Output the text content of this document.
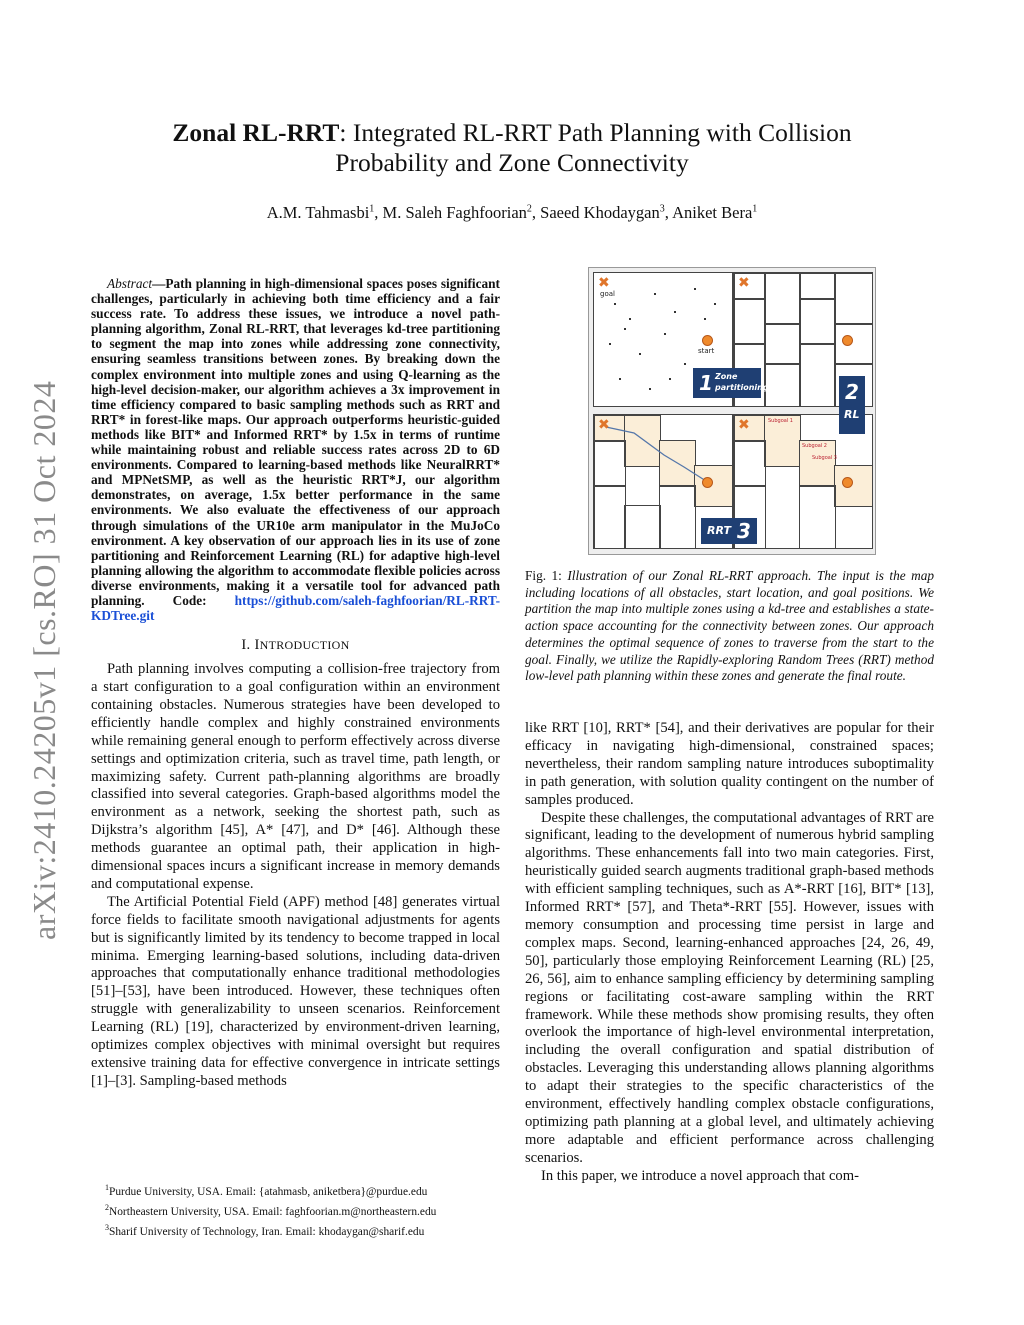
arXiv:2410.24205v1 [cs.RO] 31 Oct 2024
Zonal RL-RRT: Integrated RL-RRT Path Planning with Collision
Probability and Zone Connectivity
A.M. Tahmasbi$^1$, M. Saleh Faghfoorian$^2$, Saeed Khodaygan$^3$, Aniket Bera$^1$

Abstract—Path planning in high-dimensional spaces poses significant challenges, particularly in achieving both time efficiency and a fair success rate. To address these issues, we introduce a novel path-planning algorithm, Zonal RL-RRT, that leverages kd-tree partitioning to segment the map into zones while addressing zone connectivity, ensuring seamless transitions between zones. By breaking down the complex environment into multiple zones and using Q-learning as the high-level decision-maker, our algorithm achieves a 3x improvement in time efficiency compared to basic sampling methods such as RRT and RRT* in forest-like maps. Our approach outperforms heuristic-guided methods like BIT* and Informed RRT* by 1.5x in terms of runtime while maintaining robust and reliable success rates across 2D to 6D environments. Compared to learning-based methods like NeuralRRT* and MPNetSMP, as well as the heuristic RRT*J, our algorithm demonstrates, on average, 1.5x better performance in the same environments. We also evaluate the effectiveness of our approach through simulations of the UR10e arm manipulator in the MuJoCo environment. A key observation of our approach lies in its use of zone partitioning and Reinforcement Learning (RL) for adaptive high-level planning allowing the algorithm to accommodate flexible policies across diverse environments, making it a versatile tool for advanced path planning. Code: https://github.com/saleh-faghfoorian/RL-RRT-KDTree.git

I. INTRODUCTION

Path planning involves computing a collision-free trajectory from a start configuration to a goal configuration within an environment containing obstacles. Numerous strategies have been developed to efficiently handle complex and highly constrained environments while remaining general enough to perform effectively across diverse settings and optimization criteria, such as travel time, path length, or maximizing safety. Current path-planning algorithms are broadly classified into several categories. Graph-based algorithms model the environment as a network, seeking the shortest path, such as Dijkstra’s algorithm [45], A* [47], and D* [46]. Although these methods guarantee an optimal path, their application in high-dimensional spaces incurs a significant increase in memory demands and computational expense.

The Artificial Potential Field (APF) method [48] generates virtual force fields to facilitate smooth navigational adjustments for agents but is significantly limited by its tendency to become trapped in local minima. Emerging learning-based solutions, including data-driven approaches that computationally enhance traditional methodologies [51]–[53], have been introduced. However, these techniques often struggle with generalizability to unseen scenarios. Reinforcement Learning (RL) [19], characterized by environment-driven learning, optimizes complex objectives with minimal oversight but requires extensive training data for effective convergence in intricate settings [1]–[3]. Sampling-based methods

$^1$Purdue University, USA. Email: {atahmasb, aniketbera}@purdue.edu
$^2$Northeastern University, USA. Email: faghfoorian.m@northeastern.edu
$^3$Sharif University of Technology, Iran. Email: khodaygan@sharif.edu
✖
goal
start
✖
✖	Subgoal 1
Subgoal 2
Subgoal 3
✖
1 Zone
partitioning	2
RL
RRT 3
Fig. 1: Illustration of our Zonal RL-RRT approach. The input is the map including locations of all obstacles, start location, and goal positions. We partition the map into multiple zones using a kd-tree and establishes a state-action space accounting for the connectivity between zones. Our approach determines the optimal sequence of zones to traverse from the start to the goal. Finally, we utilize the Rapidly-exploring Random Trees (RRT) method low-level path planning within these zones and generate the final route.

like RRT [10], RRT* [54], and their derivatives are popular for their efficacy in navigating high-dimensional, constrained spaces; nevertheless, their random sampling nature introduces suboptimality in path generation, with solution quality contingent on the number of samples produced.

Despite these challenges, the computational advantages of RRT are significant, leading to the development of numerous hybrid sampling algorithms. These enhancements fall into two main categories. First, heuristically guided search augments traditional graph-based methods with efficient sampling techniques, such as A*-RRT [16], BIT* [13], Informed RRT* [57], and Theta*-RRT [55]. However, issues with memory consumption and processing time persist in large and complex maps. Second, learning-enhanced approaches [24, 26, 49, 50], particularly those employing Reinforcement Learning (RL) [25, 26, 56], aim to enhance sampling efficiency by determining sampling regions or facilitating cost-aware sampling within the RRT framework. While these methods show promising results, they often overlook the importance of high-level environmental interpretation, including the overall configuration and spatial distribution of obstacles. Leveraging this understanding allows planning algorithms to adapt their strategies to the specific characteristics of the environment, effectively handling complex obstacle configurations, optimizing path planning at a global level, and ultimately achieving more adaptable and efficient performance across challenging scenarios.

In this paper, we introduce a novel approach that com-
